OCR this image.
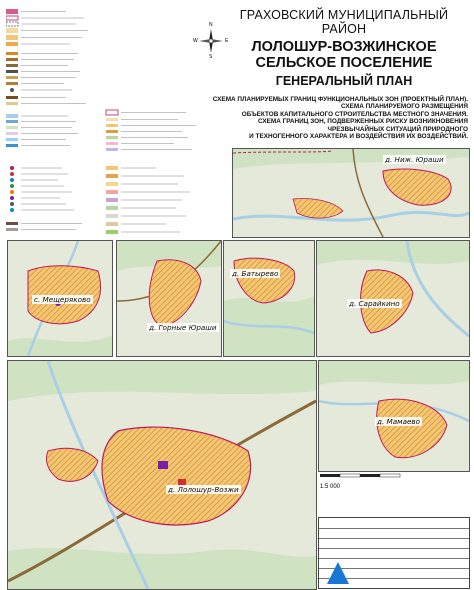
N
E
S
W
ГРАХОВСКИЙ МУНИЦИПАЛЬНЫЙ РАЙОН
ЛОЛОШУР-ВОЗЖИНСКОЕ
СЕЛЬСКОЕ ПОСЕЛЕНИЕ
ГЕНЕРАЛЬНЫЙ ПЛАН
СХЕМА ПЛАНИРУЕМЫХ ГРАНИЦ ФУНКЦИОНАЛЬНЫХ ЗОН (ПРОЕКТНЫЙ ПЛАН).
СХЕМА ПЛАНИРУЕМОГО РАЗМЕЩЕНИЯ
ОБЪЕКТОВ КАПИТАЛЬНОГО СТРОИТЕЛЬСТВА МЕСТНОГО ЗНАЧЕНИЯ.
СХЕМА ГРАНИЦ ЗОН, ПОДВЕРЖЕННЫХ РИСКУ ВОЗНИКНОВЕНИЯ
ЧРЕЗВЫЧАЙНЫХ СИТУАЦИЙ ПРИРОДНОГО
И ТЕХНОГЕННОГО ХАРАКТЕРА И ВОЗДЕЙСТВИЯ ИХ ВОЗДЕЙСТВИЙ.
д. Ниж. Юраши
с. Мещеряково
д. Горные Юраши
д. Батырево
д. Сарайкино
д. Лолошур-Возжи
д. Мамаево
1:5 000
